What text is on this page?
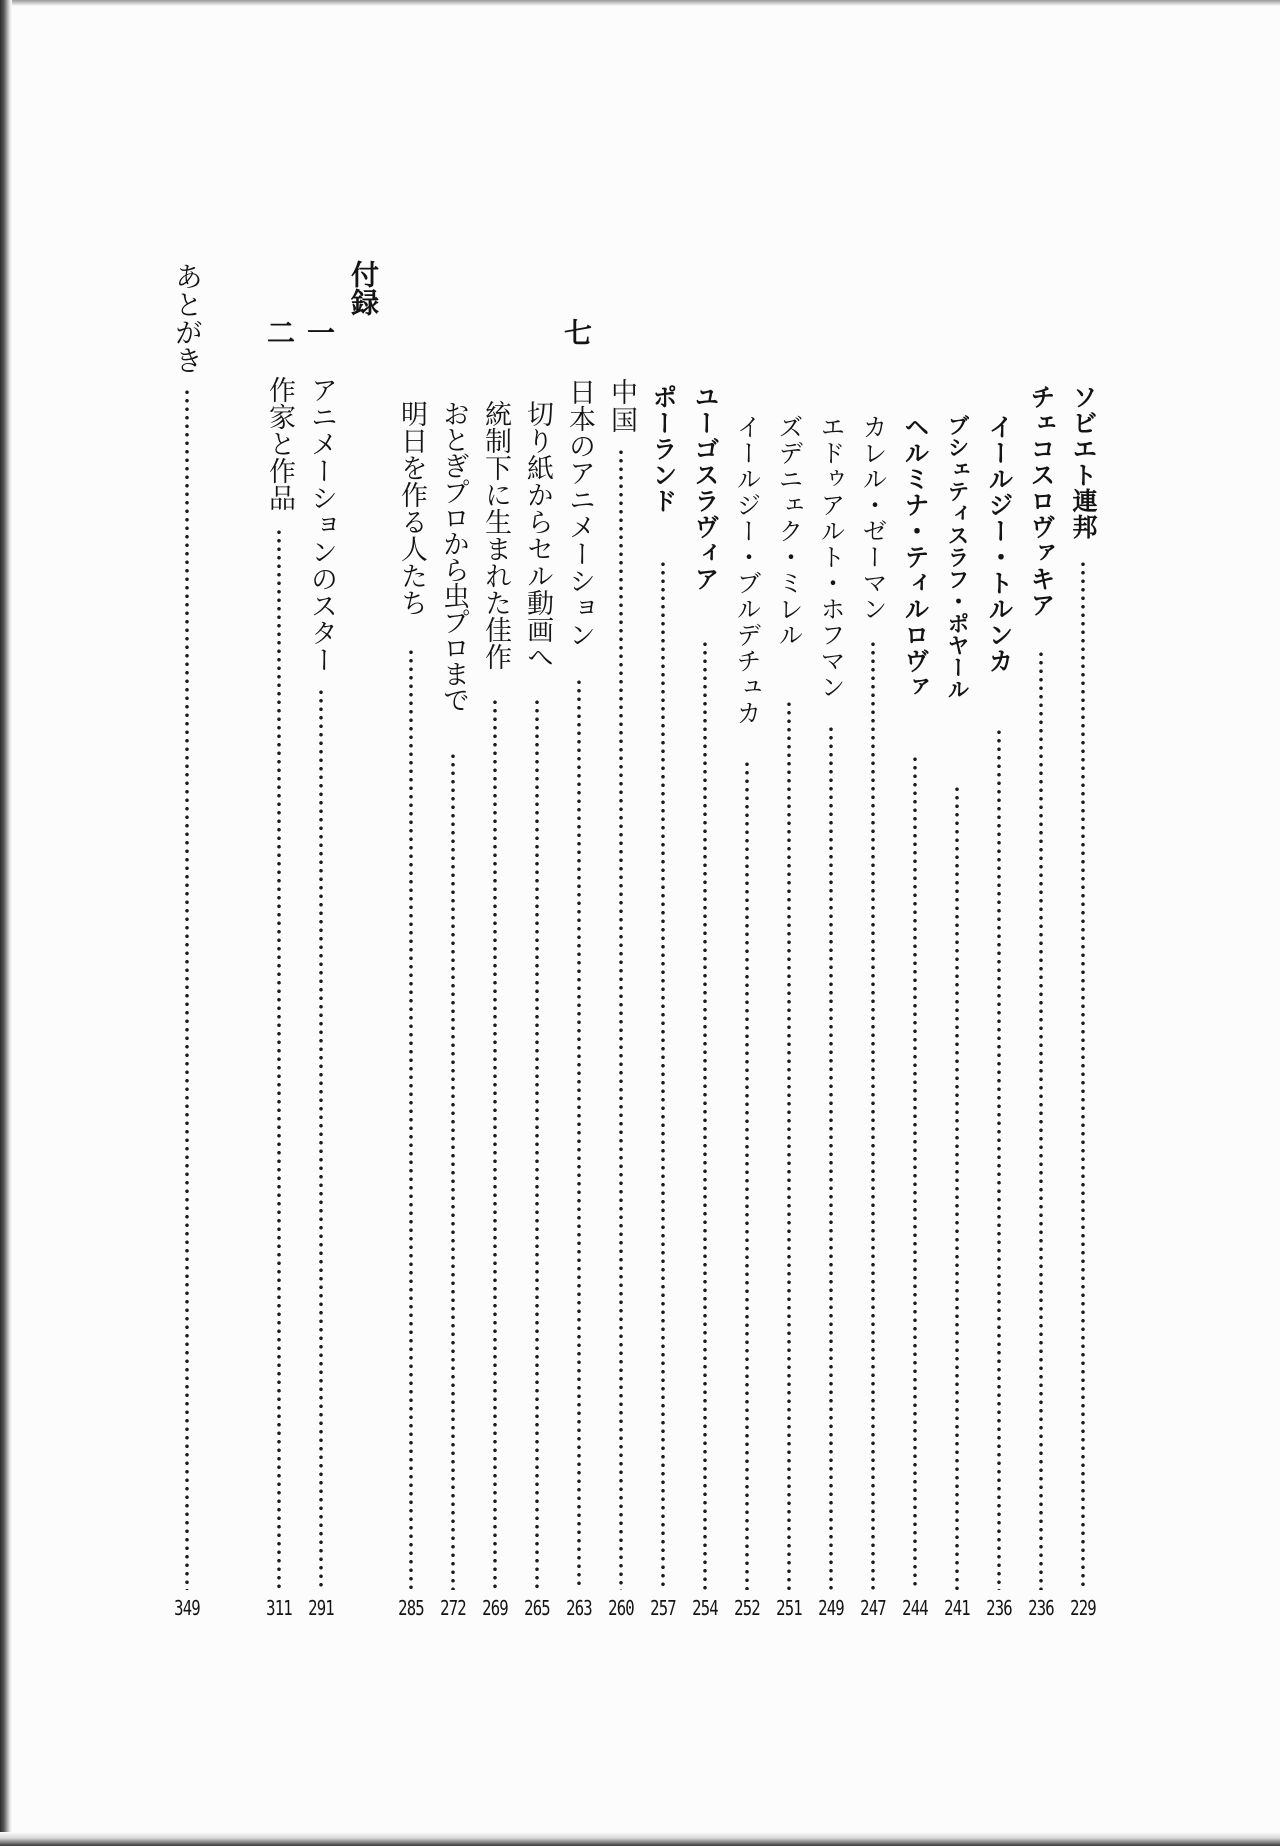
七
付録
一
二
ソビエト連邦
229
チェコスロヴァキア
236
イールジー・トルンカ
236
ブシェティスラフ・ポヤール
241
ヘルミナ・ティルロヴァ
244
カレル・ゼーマン
247
エドゥアルト・ホフマン
249
ズデニェク・ミレル
251
イールジー・ブルデチュカ
252
ユーゴスラヴィア
254
ポーランド
257
中国
260
日本のアニメーション
263
切り紙からセル動画へ
265
統制下に生まれた佳作
269
おとぎプロから虫プロまで
272
明日を作る人たち
285
アニメーションのスター
291
作家と作品
311
あとがき
349
